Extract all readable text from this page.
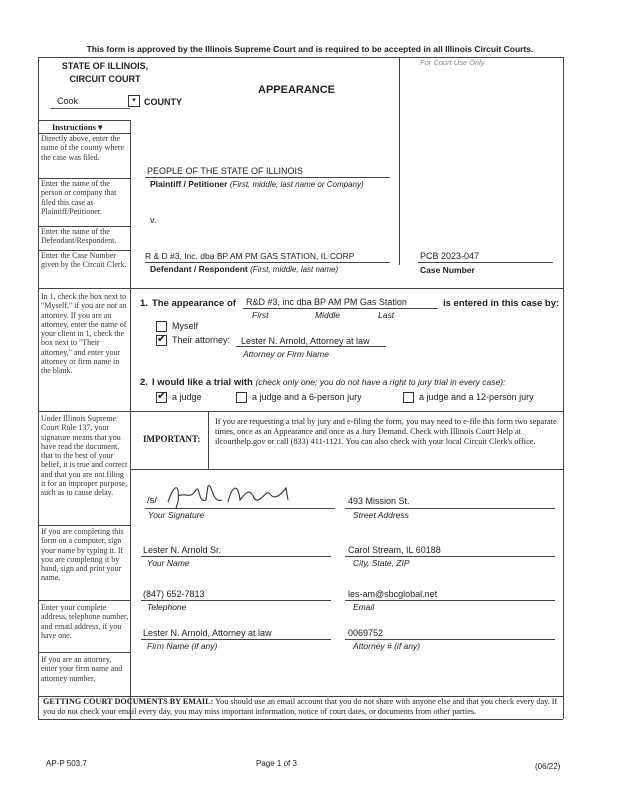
This form is approved by the Illinois Supreme Court and is required to be accepted in all Illinois Circuit Courts.
STATE OF ILLINOIS,
CIRCUIT COURT
Cook	▾ COUNTY
For Court Use Only
APPEARANCE
Instructions ▾
Directly above, enter the name of the county where the case was filed.
Enter the name of the person or company that filed this case as Plaintiff/Petitioner.
Enter the name of the Defendant/Respondent.
Enter the Case Number given by the Circuit Clerk.
In 1, check the box next to "Myself," if you are not an attorney. If you are an attorney, enter the name of your client in 1, check the box next to "Their attorney," and enter your attorney or firm name in the blank.
Under Illinois Supreme Court Rule 137, your signature means that you have read the document, that to the best of your belief, it is true and correct and that you are not filing it for an improper purpose, such as to cause delay.
If you are completing this form on a computer, sign your name by typing it. If you are completing it by hand, sign and print your name.
Enter your complete address, telephone number, and email address, if you have one.
If you are an attorney, enter your firm name and attorney number.
PEOPLE OF THE STATE OF ILLINOIS
Plaintiff / Petitioner (First, middle, last name or Company)
v.
R & D #3, Inc. dba BP AM PM GAS STATION, IL CORP
Defendant / Respondent (First, middle, last name)
PCB 2023-047
Case Number
1. The appearance of R&D #3, inc dba BP AM PM Gas Station	is entered in this case by:
First	Middle	Last
Myself
✔ Their attorney: Lester N. Arnold, Attorney at law
Attorney or Firm Name
2. I would like a trial with (check only one; you do not have a right to jury trial in every case):
✔ a judge	a judge and a 6-person jury	a judge and a 12-person jury
IMPORTANT:
If you are requesting a trial by jury and e-filing the form, you may need to e-file this form two separate times, once as an Appearance and once as a Jury Demand. Check with Illinois Court Help at ilcourthelp.gov or call (833) 411-1121. You can also check with your local Circuit Clerk's office.
/s/
Your Signature
493 Mission St.
Street Address
Lester N. Arnold Sr.
Your Name
Carol Stream, IL 60188
City, State, ZIP
(847) 652-7813
Telephone
les-am@sbcglobal.net
Email
Lester N. Arnold, Attorney at law
Firm Name (if any)
0069752
Attorney # (if any)
GETTING COURT DOCUMENTS BY EMAIL: You should use an email account that you do not share with anyone else and that you check every day. If you do not check your email every day, you may miss important information, notice of court dates, or documents from other parties.
AP-P 503.7	Page 1 of 3	(06/22)
